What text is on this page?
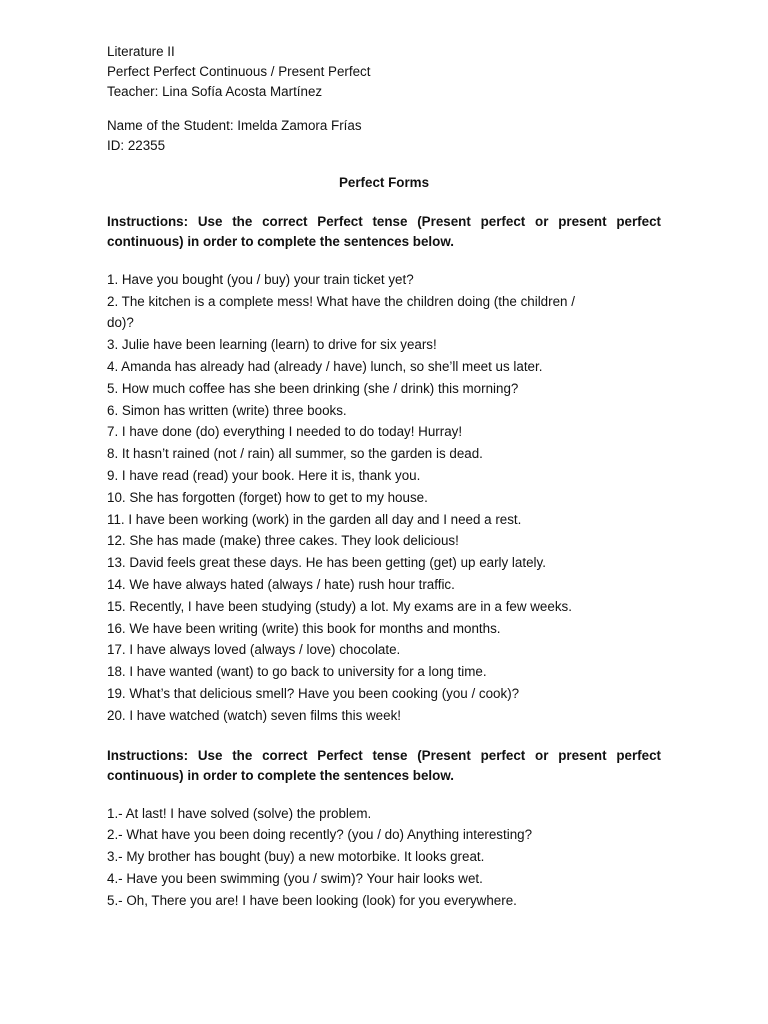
Literature II

Perfect Perfect Continuous / Present Perfect

Teacher: Lina Sofía Acosta Martínez

Name of the Student: Imelda Zamora Frías

ID: 22355

Perfect Forms

Instructions: Use the correct Perfect tense (Present perfect or present perfect continuous) in order to complete the sentences below.

1. Have you bought (you / buy) your train ticket yet?
2. The kitchen is a complete mess! What have the children doing (the children / do)?
3. Julie have been learning (learn) to drive for six years!
4. Amanda has already had (already / have) lunch, so she’ll meet us later.
5. How much coffee has she been drinking (she / drink) this morning?
6. Simon has written (write) three books.
7. I have done (do) everything I needed to do today! Hurray!
8. It hasn’t rained (not / rain) all summer, so the garden is dead.
9. I have read (read) your book. Here it is, thank you.
10. She has forgotten (forget) how to get to my house.
11. I have been working (work) in the garden all day and I need a rest.
12. She has made (make) three cakes. They look delicious!
13. David feels great these days. He has been getting (get) up early lately.
14. We have always hated (always / hate) rush hour traffic.
15. Recently, I have been studying (study) a lot. My exams are in a few weeks.
16. We have been writing (write) this book for months and months.
17. I have always loved (always / love) chocolate.
18. I have wanted (want) to go back to university for a long time.
19. What’s that delicious smell? Have you been cooking (you / cook)?
20. I have watched (watch) seven films this week!

Instructions: Use the correct Perfect tense (Present perfect or present perfect continuous) in order to complete the sentences below.

1.- At last! I have solved (solve) the problem.
2.- What have you been doing recently? (you / do) Anything interesting?
3.- My brother has bought (buy) a new motorbike. It looks great.
4.- Have you been swimming (you / swim)? Your hair looks wet.
5.- Oh, There you are! I have been looking (look) for you everywhere.
